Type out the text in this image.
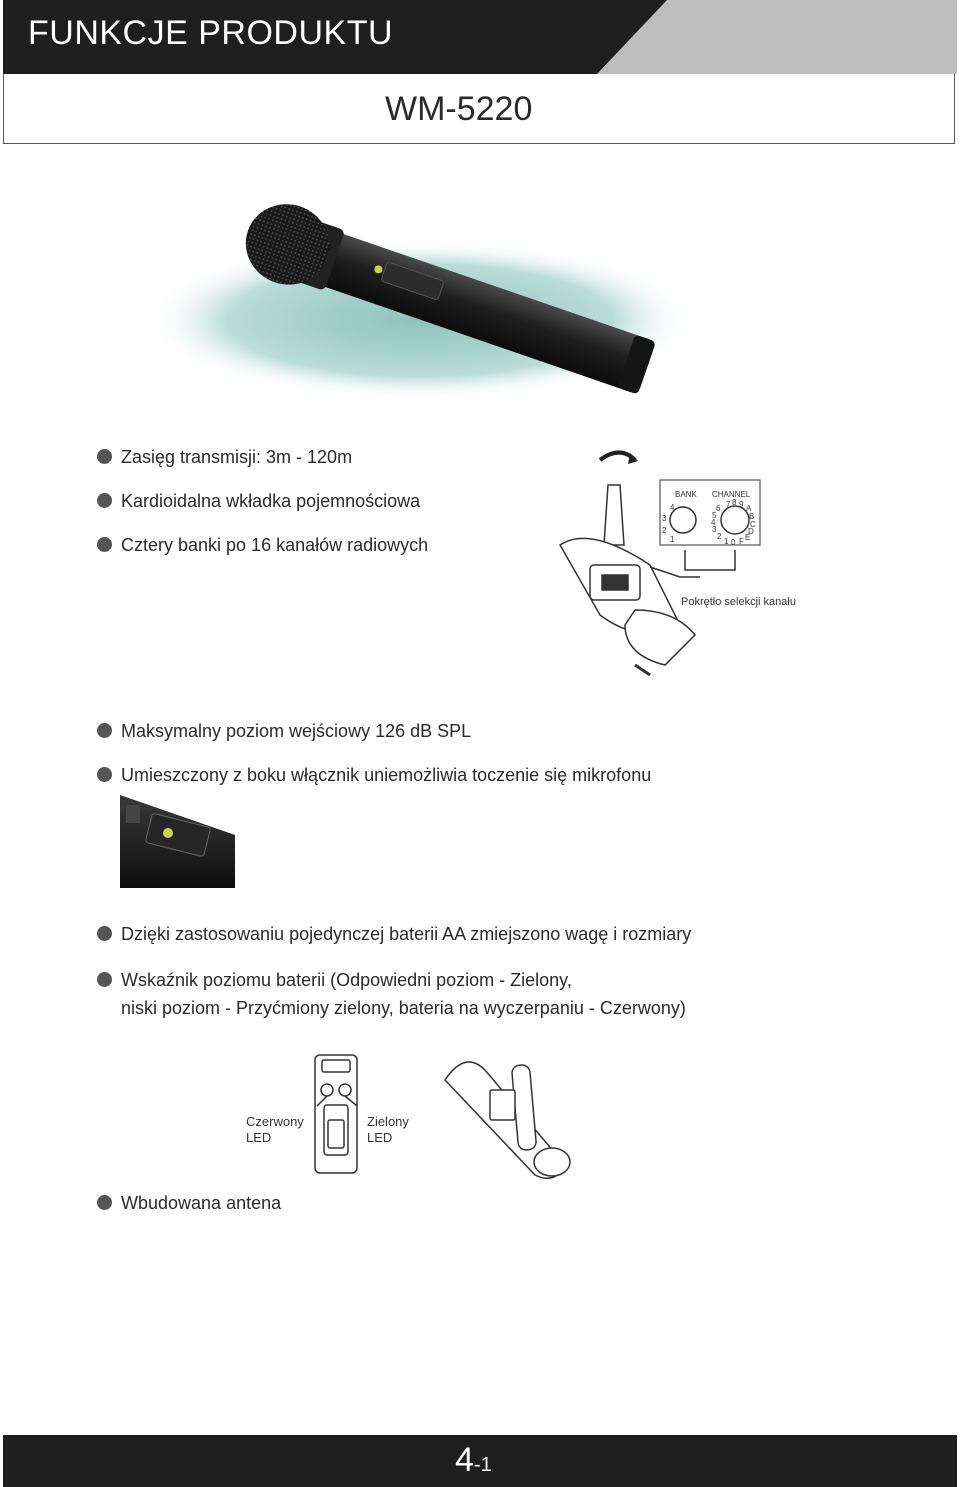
FUNKCJE PRODUKTU
WM-5220
Zasięg transmisji: 3m - 120m
Kardioidalna wkładka pojemnościowa
Cztery banki po 16 kanałów radiowych
BANK CHANNEL
4
3
2
1
7 8 9 A
6
5
4
3
2
1 0 F E
D
C
B
Pokrętło selekcji kanału
Maksymalny poziom wejściowy 126 dB SPL
Umieszczony z boku włącznik uniemożliwia toczenie się mikrofonu
Dzięki zastosowaniu pojedynczej baterii AA zmiejszono wagę i rozmiary
Wskaźnik poziomu baterii (Odpowiedni poziom - Zielony,
niski poziom - Przyćmiony zielony, bateria na wyczerpaniu - Czerwony)
Czerwony
LED
Zielony
LED
Wbudowana antena
4-1
